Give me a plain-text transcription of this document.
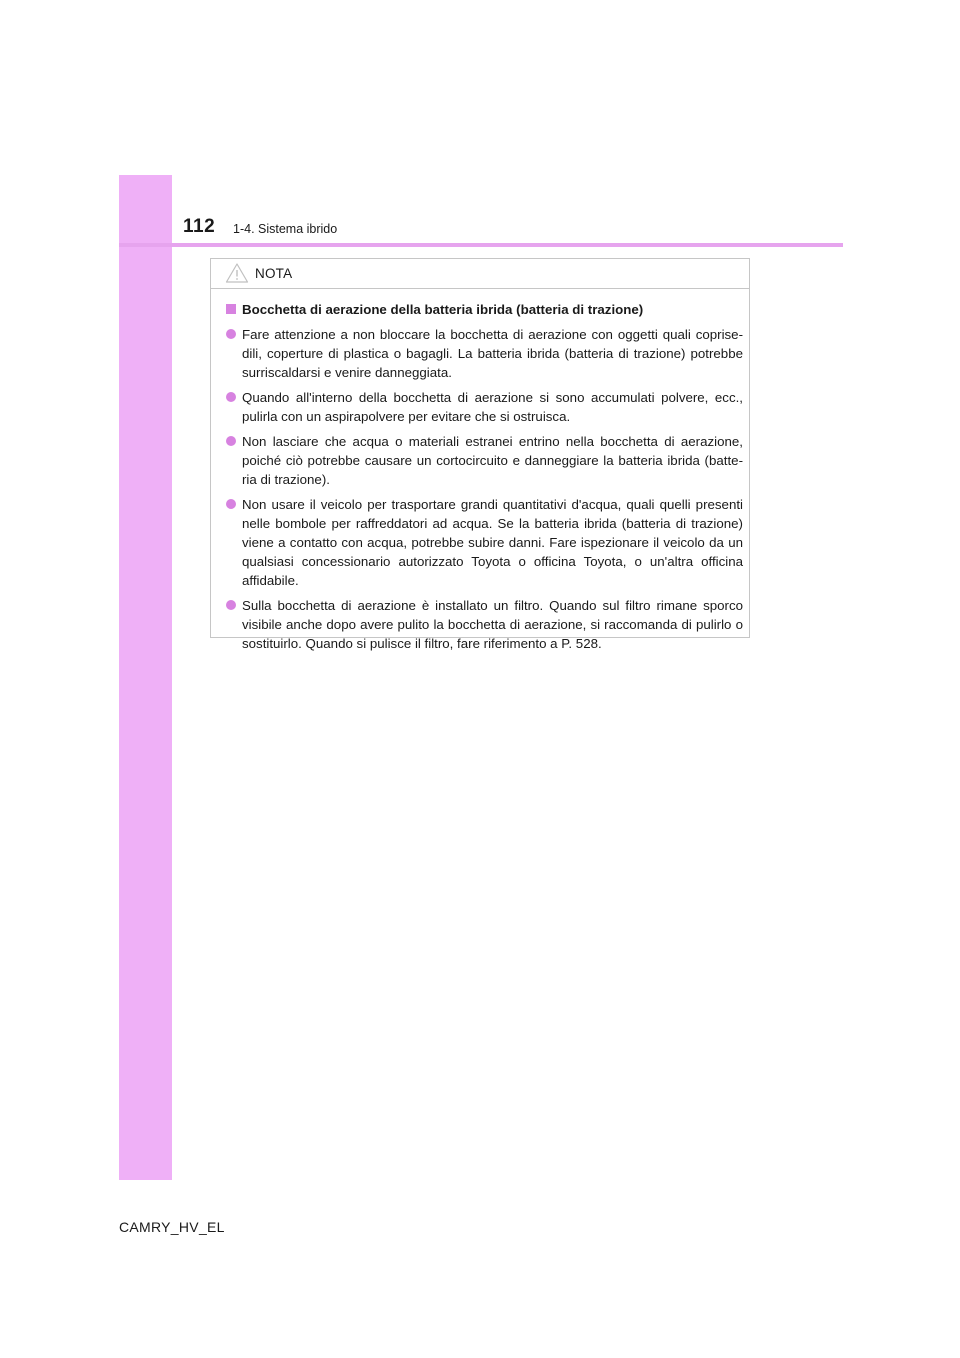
112 1-4. Sistema ibrido
NOTA
Bocchetta di aerazione della batteria ibrida (batteria di trazione)
Fare attenzione a non bloccare la bocchetta di aerazione con oggetti quali coprise-dili, coperture di plastica o bagagli. La batteria ibrida (batteria di trazione) potrebbe surriscaldarsi e venire danneggiata.
Quando all'interno della bocchetta di aerazione si sono accumulati polvere, ecc., pulirla con un aspirapolvere per evitare che si ostruisca.
Non lasciare che acqua o materiali estranei entrino nella bocchetta di aerazione, poiché ciò potrebbe causare un cortocircuito e danneggiare la batteria ibrida (batte-ria di trazione).
Non usare il veicolo per trasportare grandi quantitativi d'acqua, quali quelli presenti nelle bombole per raffreddatori ad acqua. Se la batteria ibrida (batteria di trazione) viene a contatto con acqua, potrebbe subire danni. Fare ispezionare il veicolo da un qualsiasi concessionario autorizzato Toyota o officina Toyota, o un'altra officina affidabile.
Sulla bocchetta di aerazione è installato un filtro. Quando sul filtro rimane sporco visibile anche dopo avere pulito la bocchetta di aerazione, si raccomanda di pulirlo o sostituirlo. Quando si pulisce il filtro, fare riferimento a P. 528.
CAMRY_HV_EL
